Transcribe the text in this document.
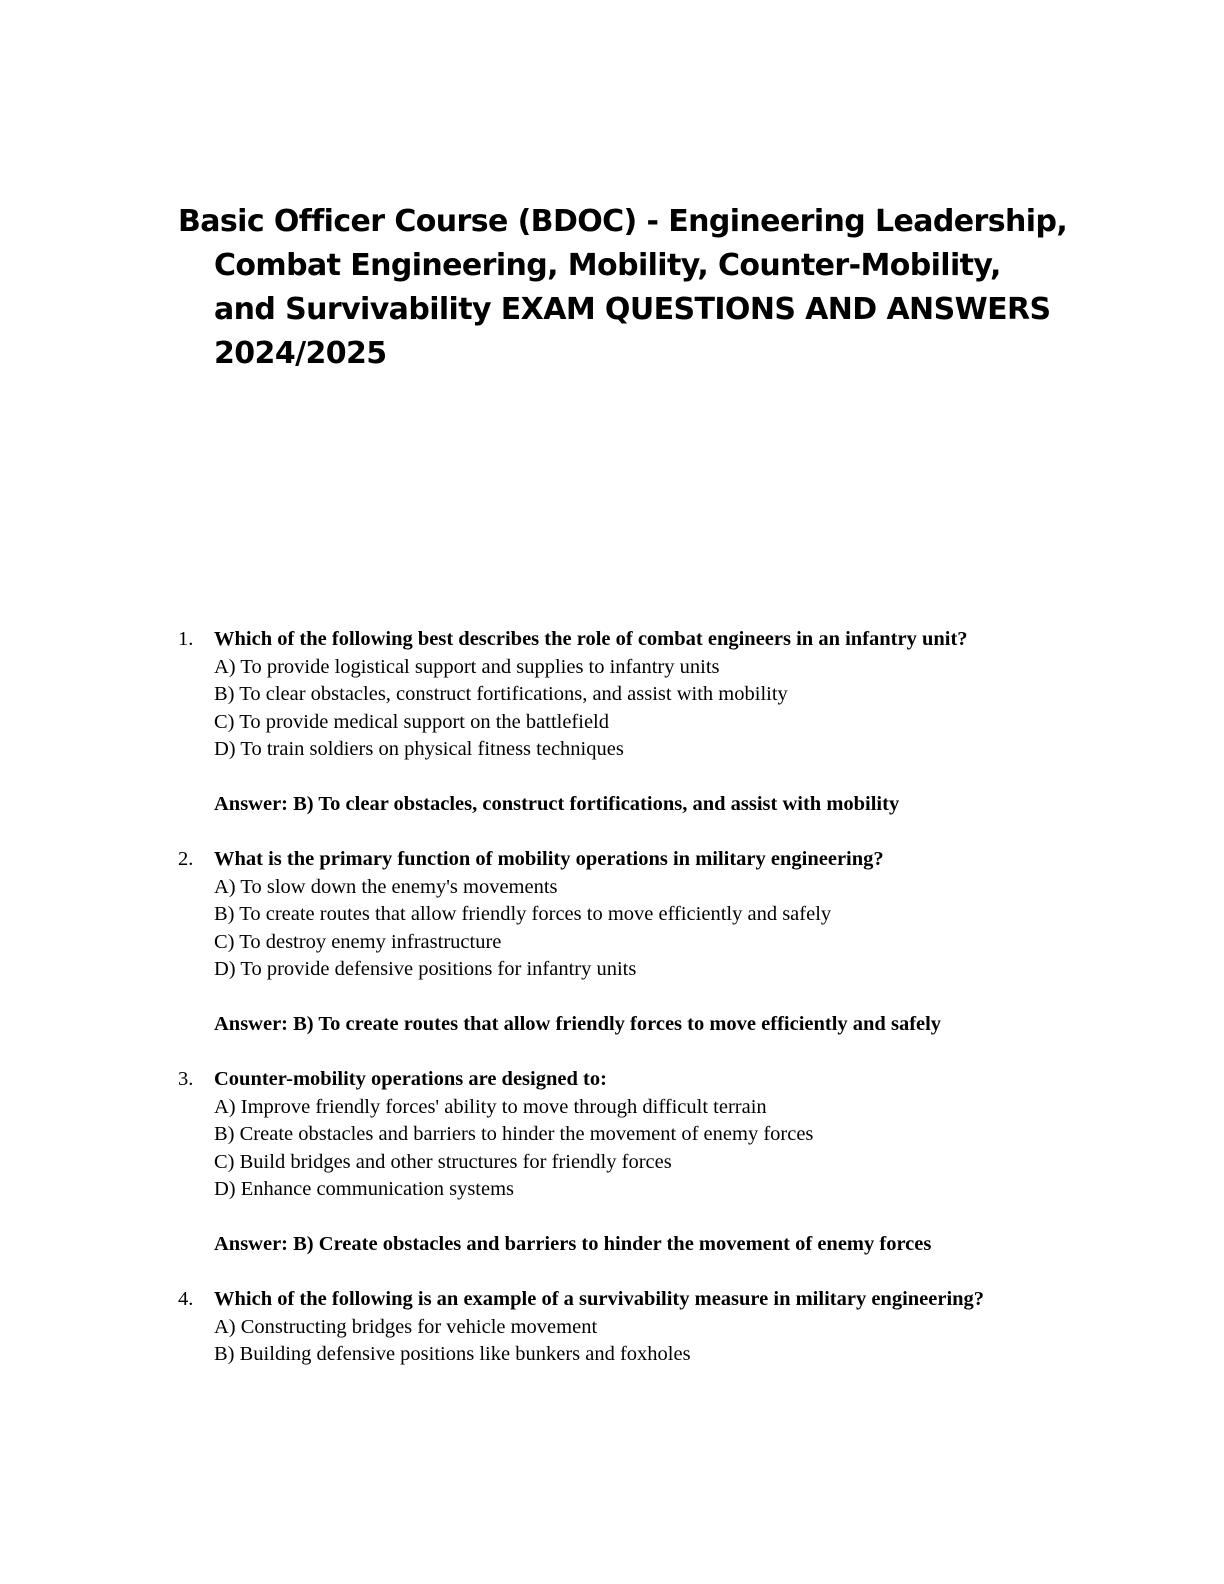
Basic Officer Course (BDOC) - Engineering Leadership,
Combat Engineering, Mobility, Counter-Mobility,
and Survivability EXAM QUESTIONS AND ANSWERS
2024/2025
1. Which of the following best describes the role of combat engineers in an infantry unit?
A) To provide logistical support and supplies to infantry units
B) To clear obstacles, construct fortifications, and assist with mobility
C) To provide medical support on the battlefield
D) To train soldiers on physical fitness techniques
Answer: B) To clear obstacles, construct fortifications, and assist with mobility
2. What is the primary function of mobility operations in military engineering?
A) To slow down the enemy's movements
B) To create routes that allow friendly forces to move efficiently and safely
C) To destroy enemy infrastructure
D) To provide defensive positions for infantry units
Answer: B) To create routes that allow friendly forces to move efficiently and safely
3. Counter-mobility operations are designed to:
A) Improve friendly forces' ability to move through difficult terrain
B) Create obstacles and barriers to hinder the movement of enemy forces
C) Build bridges and other structures for friendly forces
D) Enhance communication systems
Answer: B) Create obstacles and barriers to hinder the movement of enemy forces
4. Which of the following is an example of a survivability measure in military engineering?
A) Constructing bridges for vehicle movement
B) Building defensive positions like bunkers and foxholes
